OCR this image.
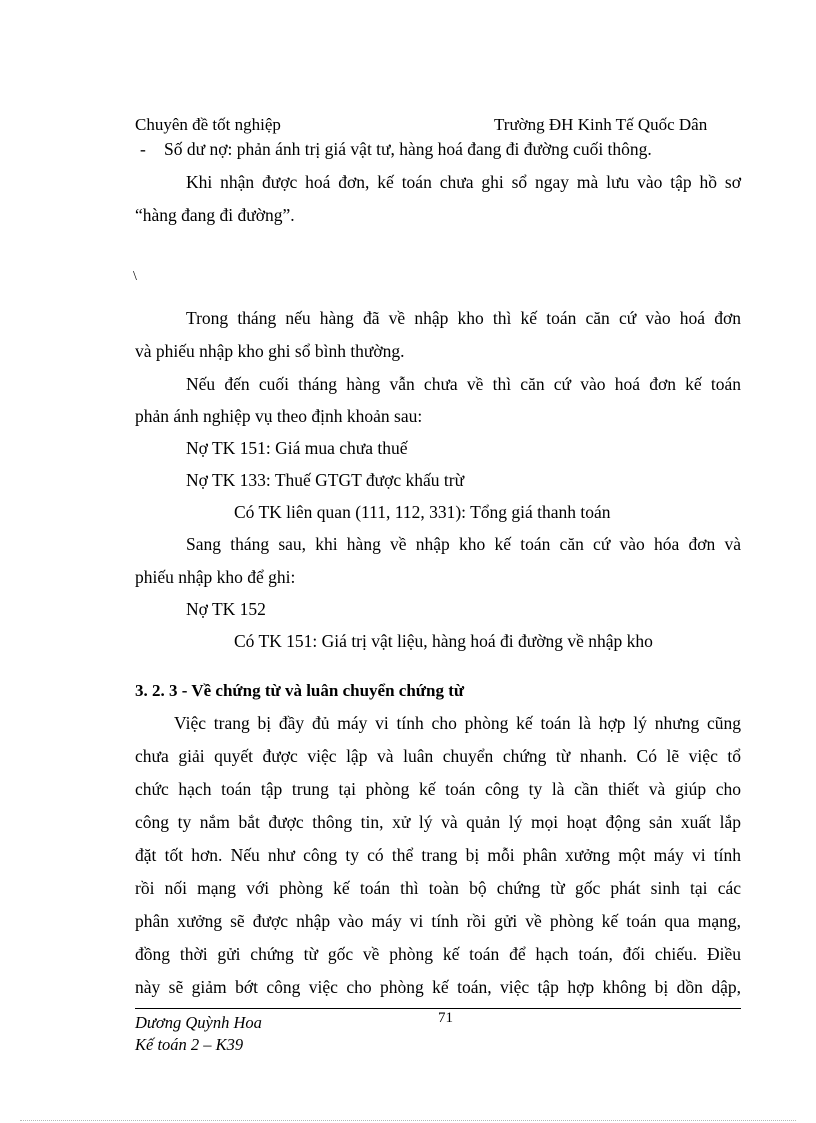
Chuyên đề tốt nghiệp	Trường ĐH Kinh Tế Quốc Dân
- Số dư nợ: phản ánh trị giá vật tư, hàng hoá đang đi đường cuối thông.
Khi nhận được hoá đơn, kế toán chưa ghi sổ ngay mà lưu vào tập hồ sơ
“hàng đang đi đường”.
\
Trong tháng nếu hàng đã về nhập kho thì kế toán căn cứ vào hoá đơn
và phiếu nhập kho ghi sổ bình thường.
Nếu đến cuối tháng hàng vẫn chưa về thì căn cứ vào hoá đơn kế toán
phản ánh nghiệp vụ theo định khoản sau:
Nợ TK 151: Giá mua chưa thuế
Nợ TK 133: Thuế GTGT được khấu trừ
Có TK liên quan (111, 112, 331): Tổng giá thanh toán
Sang tháng sau, khi hàng về nhập kho kế toán căn cứ vào hóa đơn và
phiếu nhập kho để ghi:
Nợ TK 152
Có TK 151: Giá trị vật liệu, hàng hoá đi đường về nhập kho
3. 2. 3 - Về chứng từ và luân chuyển chứng từ
Việc trang bị đầy đủ máy vi tính cho phòng kế toán là hợp lý nhưng cũng
chưa giải quyết được việc lập và luân chuyển chứng từ nhanh. Có lẽ việc tổ
chức hạch toán tập trung tại phòng kế toán công ty là cần thiết và giúp cho
công ty nắm bắt được thông tin, xử lý và quản lý mọi hoạt động sản xuất lắp
đặt tốt hơn. Nếu như công ty có thể trang bị mỗi phân xưởng một máy vi tính
rồi nối mạng với phòng kế toán thì toàn bộ chứng từ gốc phát sinh tại các
phân xưởng sẽ được nhập vào máy vi tính rồi gửi về phòng kế toán qua mạng,
đồng thời gửi chứng từ gốc về phòng kế toán để hạch toán, đối chiếu. Điều
này sẽ giảm bớt công việc cho phòng kế toán, việc tập hợp không bị dồn dập,
Dương Quỳnh Hoa	71
Kế toán 2 – K39
